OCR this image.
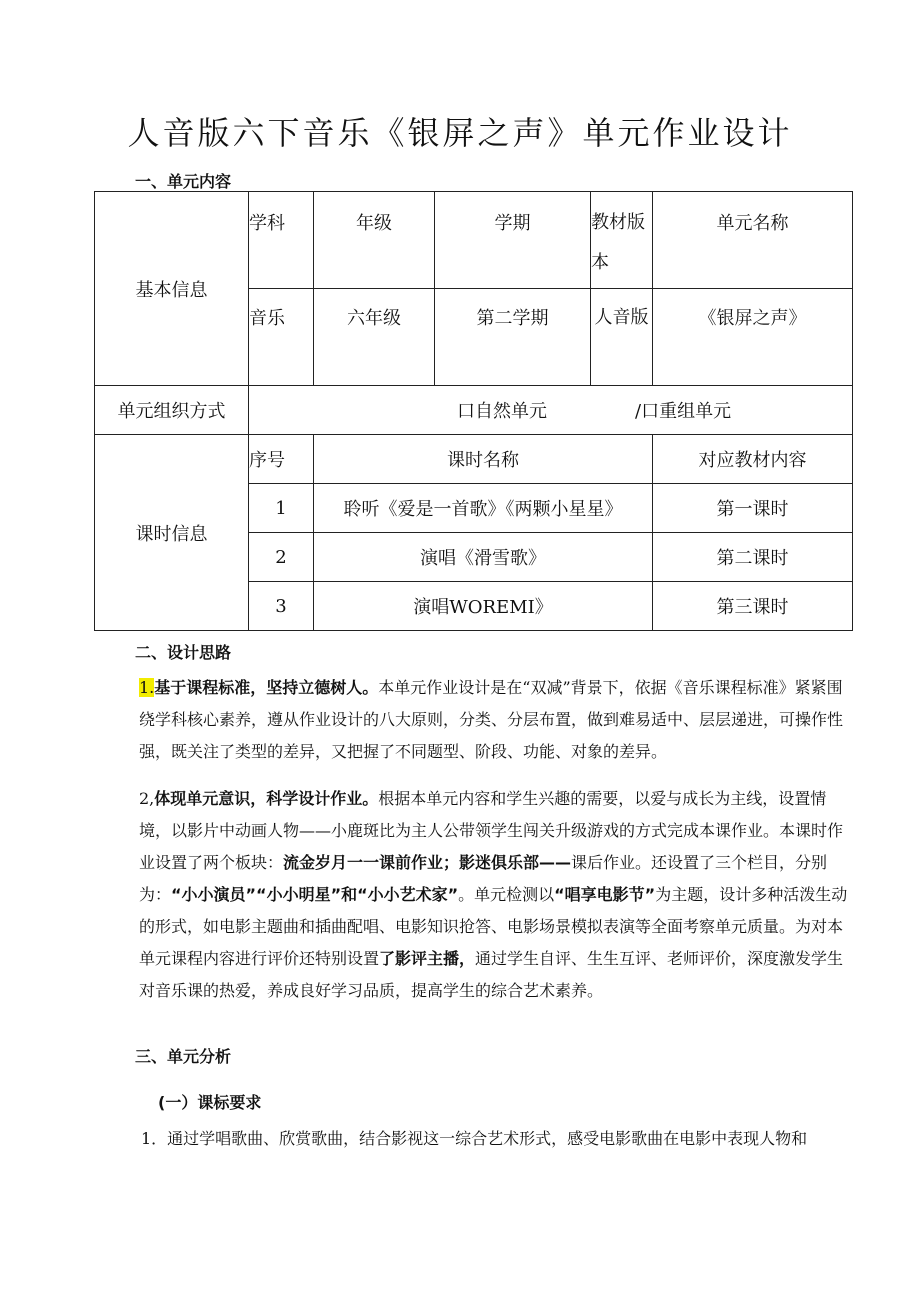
人音版六下音乐《银屏之声》单元作业设计
一、单元内容
基本信息	学科	年级	学期	教材版本	单元名称
	音乐	六年级	第二学期	人音版	《银屏之声》
单元组织方式	口自然单元 /口重组单元				
课时信息	序号	课时名称			对应教材内容
	1	聆听《爱是一首歌》《两颗小星星》			第一课时
	2	演唱《滑雪歌》			第二课时
	3	演唱WOREMI》			第三课时
二、设计思路
1.基于课程标准，坚持立德树人。本单元作业设计是在“双减”背景下，依据《音乐课程标准》紧紧围绕学科核心素养，遵从作业设计的八大原则，分类、分层布置，做到难易适中、层层递进，可操作性强，既关注了类型的差异，又把握了不同题型、阶段、功能、对象的差异。
2,体现单元意识，科学设计作业。根据本单元内容和学生兴趣的需要，以爱与成长为主线，设置情境，以影片中动画人物——小鹿斑比为主人公带领学生闯关升级游戏的方式完成本课作业。本课时作业设置了两个板块：流金岁月一一课前作业；影迷俱乐部——课后作业。还设置了三个栏目，分别为：“小小演员”“小小明星”和“小小艺术家”。单元检测以“唱享电影节”为主题，设计多种活泼生动的形式，如电影主题曲和插曲配唱、电影知识抢答、电影场景模拟表演等全面考察单元质量。为对本单元课程内容进行评价还特别设置了影评主播，通过学生自评、生生互评、老师评价，深度激发学生对音乐课的热爱，养成良好学习品质，提高学生的综合艺术素养。
三、单元分析
(一）课标要求
1．通过学唱歌曲、欣赏歌曲，结合影视这一综合艺术形式，感受电影歌曲在电影中表现人物和
